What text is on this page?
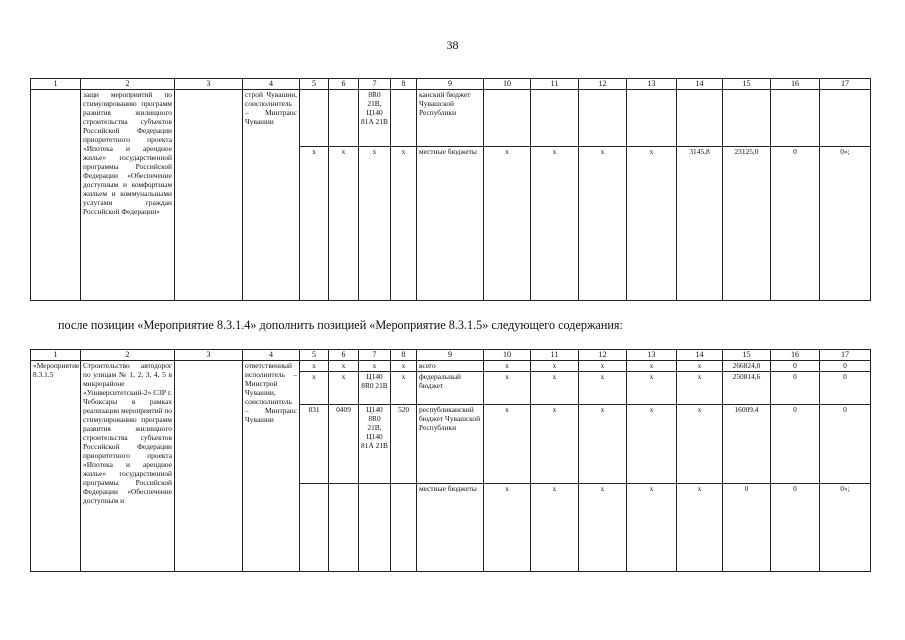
38
1	2	3	4	5	6	7	8	9	10	11	12	13	14	15	16	17
	защи мероприятий по стимулированию программ развития жилищного строительства субъектов Российской Федерации приоритетного проекта «Ипотека и арендное жилье» государственной программы Российской Федерации «Обеспечение доступным и комфортным жильем и коммунальными услугами граждан Российской Федерации»		строй Чувашии, соисполнитель – Минтранс Чувашии			8R0 21B, Ц140 81А 21B		канский бюджет Чувашской Республики								
				x	x	x	x	местные бюджеты	x	x	x	x	3145,8	23125,0	0	0»;
после позиции «Мероприятие 8.3.1.4» дополнить позицией «Мероприятие 8.3.1.5» следующего содержания:
1	2	3	4	5	6	7	8	9	10	11	12	13	14	15	16	17
«Мероприятие 8.3.1.5	Строительство автодорог по улицам № 1, 2, 3, 4, 5 в микрорайоне «Университетский-2» СЗР г. Чебоксары в рамках реализации мероприятий по стимулированию программ развития жилищного строительства субъектов Российской Федерации приоритетного проекта «Ипотека и арендное жилье» государственной программы Российской Федерации «Обеспечение доступным и		ответственный исполнитель – Минстрой Чувашии, соисполнитель – Минтранс Чувашии	x	x	x	x	всего	x	x	x	x	x	266824,0	0	0
				x	x	Ц140 8R0 21B	x	федеральный бюджет	x	x	x	x	x	250814,6	0	0
				831	0409	Ц140 8R0 21B, Ц140 81А 21B	520	республиканский бюджет Чувашской Республики	x	x	x	x	x	16009,4	0	0
								местные бюджеты	x	x	x	x	x	0	0	0»;
